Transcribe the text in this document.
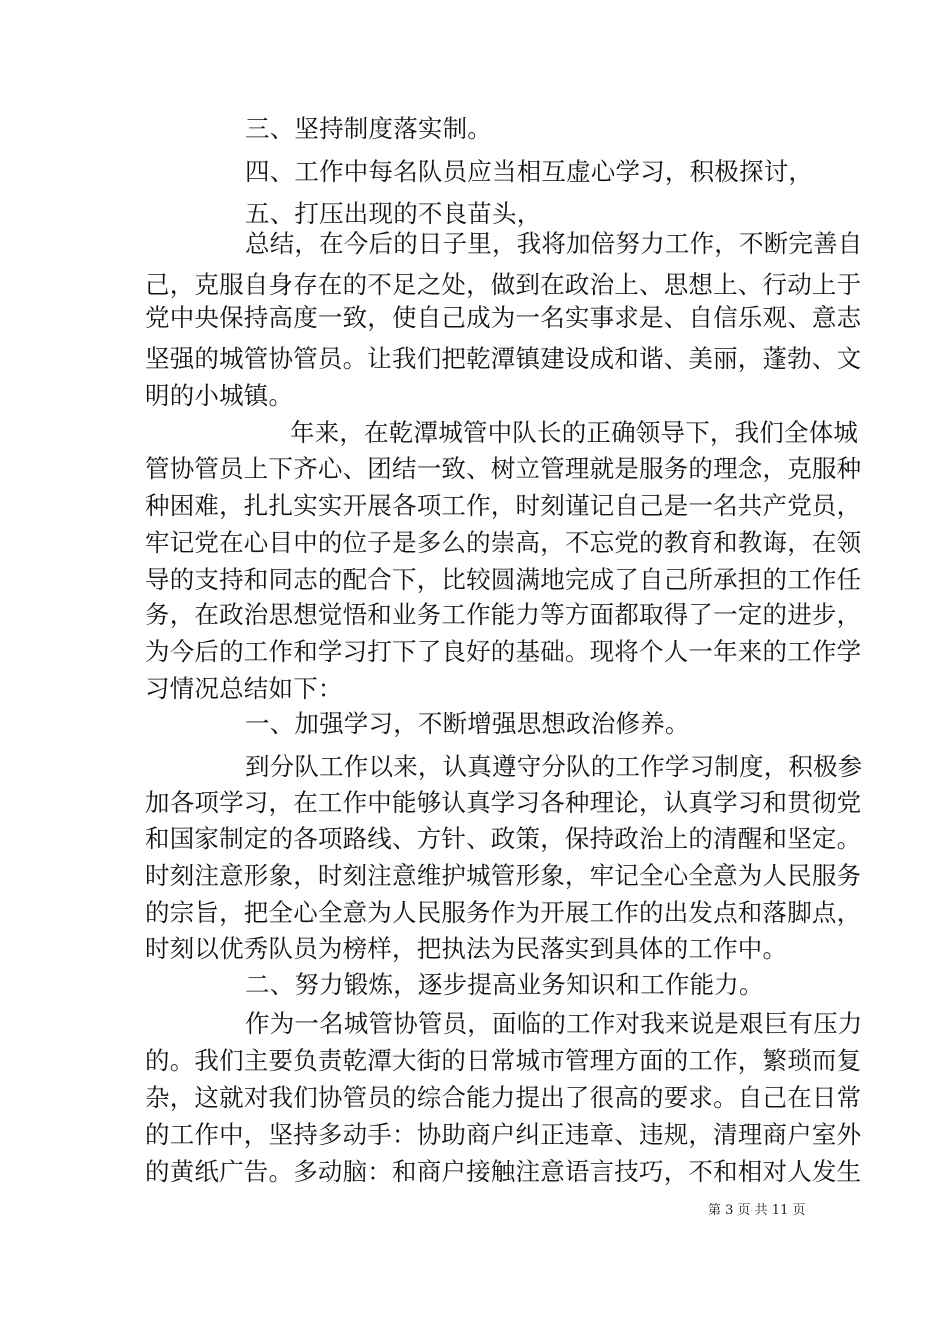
三、坚持制度落实制。
四、工作中每名队员应当相互虚心学习，积极探讨，
五、打压出现的不良苗头，
总结，在今后的日子里，我将加倍努力工作，不断完善自
己，克服自身存在的不足之处，做到在政治上、思想上、行动上于
党中央保持高度一致，使自己成为一名实事求是、自信乐观、意志
坚强的城管协管员。让我们把乾潭镇建设成和谐、美丽，蓬勃、文
明的小城镇。
年来，在乾潭城管中队长的正确领导下，我们全体城
管协管员上下齐心、团结一致、树立管理就是服务的理念，克服种
种困难，扎扎实实开展各项工作，时刻谨记自己是一名共产党员，
牢记党在心目中的位子是多么的崇高，不忘党的教育和教诲，在领
导的支持和同志的配合下，比较圆满地完成了自己所承担的工作任
务，在政治思想觉悟和业务工作能力等方面都取得了一定的进步，
为今后的工作和学习打下了良好的基础。现将个人一年来的工作学
习情况总结如下：
一、加强学习，不断增强思想政治修养。
到分队工作以来，认真遵守分队的工作学习制度，积极参
加各项学习，在工作中能够认真学习各种理论，认真学习和贯彻党
和国家制定的各项路线、方针、政策，保持政治上的清醒和坚定。
时刻注意形象，时刻注意维护城管形象，牢记全心全意为人民服务
的宗旨，把全心全意为人民服务作为开展工作的出发点和落脚点，
时刻以优秀队员为榜样，把执法为民落实到具体的工作中。
二、努力锻炼，逐步提高业务知识和工作能力。
作为一名城管协管员，面临的工作对我来说是艰巨有压力
的。我们主要负责乾潭大街的日常城市管理方面的工作，繁琐而复
杂，这就对我们协管员的综合能力提出了很高的要求。自己在日常
的工作中，坚持多动手：协助商户纠正违章、违规，清理商户室外
的黄纸广告。多动脑：和商户接触注意语言技巧，不和相对人发生
第 3 页 共 11 页
